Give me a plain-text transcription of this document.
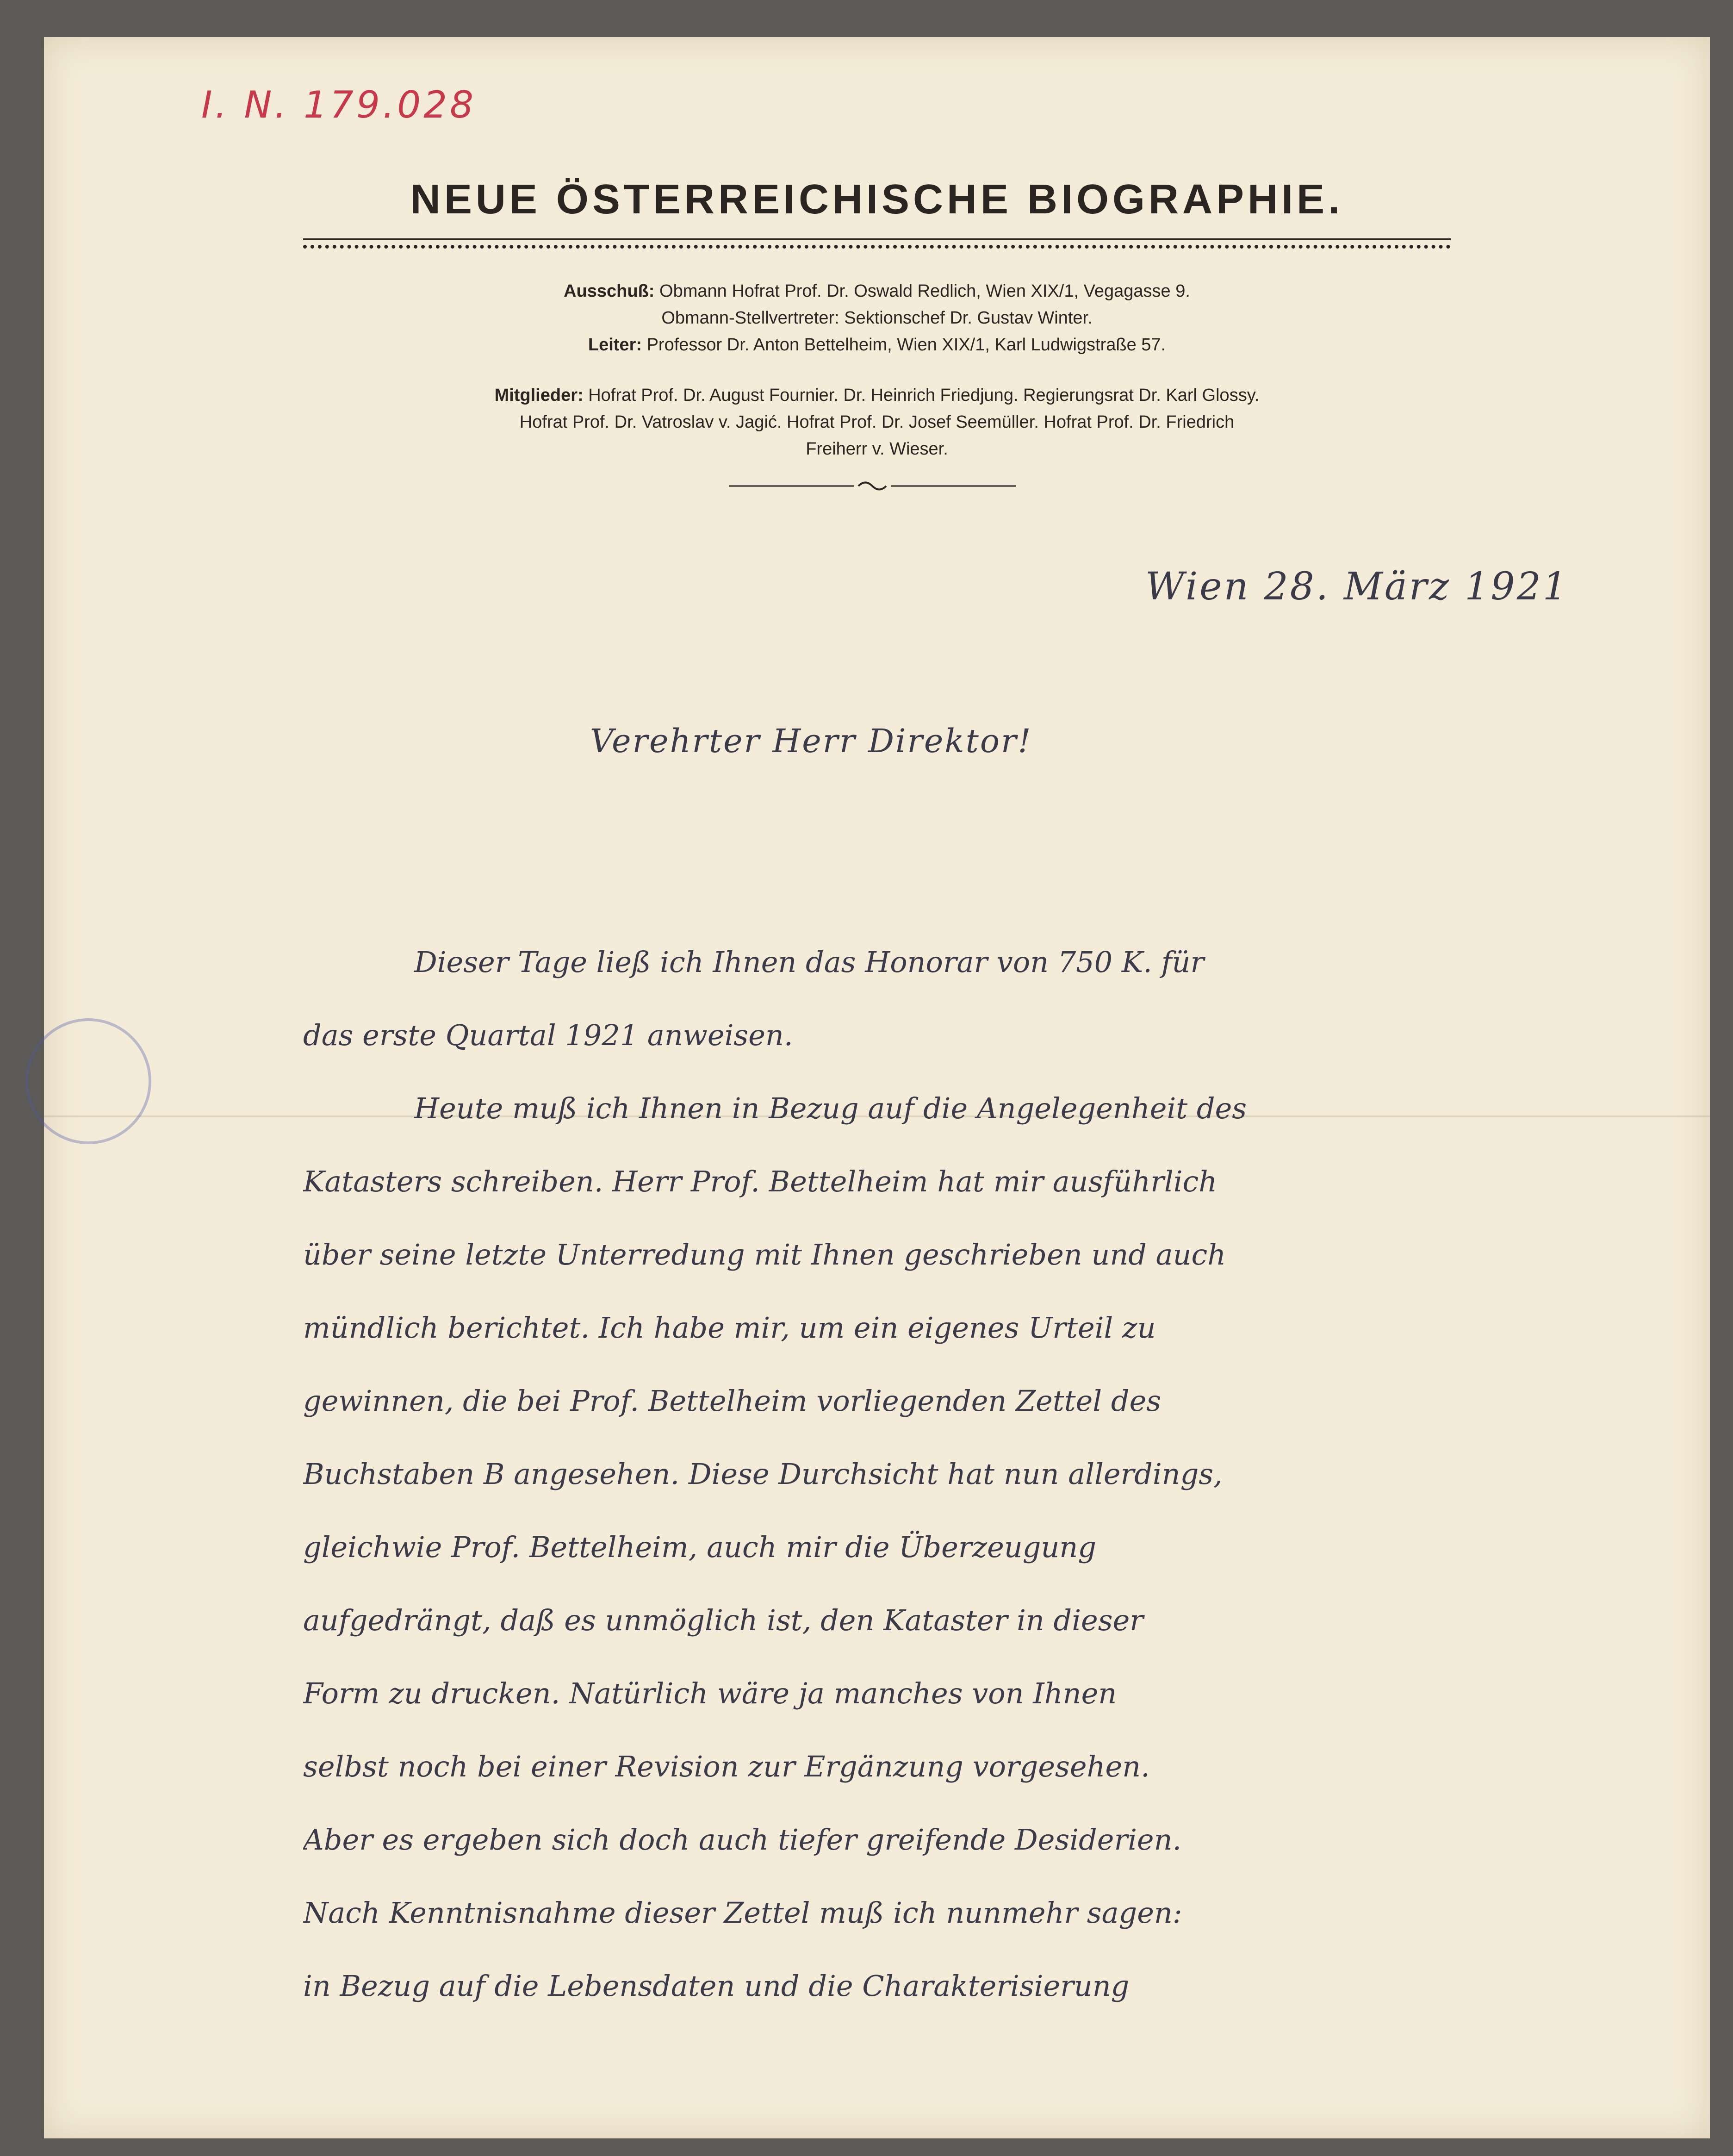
I. N. 179.028
NEUE ÖSTERREICHISCHE BIOGRAPHIE.
Ausschuß: Obmann Hofrat Prof. Dr. Oswald Redlich, Wien XIX/1, Vegagasse 9.
Obmann-Stellvertreter: Sektionschef Dr. Gustav Winter.
Leiter: Professor Dr. Anton Bettelheim, Wien XIX/1, Karl Ludwigstraße 57.
Mitglieder: Hofrat Prof. Dr. August Fournier. Dr. Heinrich Friedjung. Regierungsrat Dr. Karl Glossy.
Hofrat Prof. Dr. Vatroslav v. Jagić. Hofrat Prof. Dr. Josef Seemüller. Hofrat Prof. Dr. Friedrich
Freiherr v. Wieser.
Wien 28. März 1921
Verehrter Herr Direktor!
Dieser Tage ließ ich Ihnen das Honorar von 750 K. für
das erste Quartal 1921 anweisen.
Heute muß ich Ihnen in Bezug auf die Angelegenheit des
Katasters schreiben. Herr Prof. Bettelheim hat mir ausführlich
über seine letzte Unterredung mit Ihnen geschrieben und auch
mündlich berichtet. Ich habe mir, um ein eigenes Urteil zu
gewinnen, die bei Prof. Bettelheim vorliegenden Zettel des
Buchstaben B angesehen. Diese Durchsicht hat nun allerdings,
gleichwie Prof. Bettelheim, auch mir die Überzeugung
aufgedrängt, daß es unmöglich ist, den Kataster in dieser
Form zu drucken. Natürlich wäre ja manches von Ihnen
selbst noch bei einer Revision zur Ergänzung vorgesehen.
Aber es ergeben sich doch auch tiefer greifende Desiderien.
Nach Kenntnisnahme dieser Zettel muß ich nunmehr sagen:
in Bezug auf die Lebensdaten und die Charakterisierung
